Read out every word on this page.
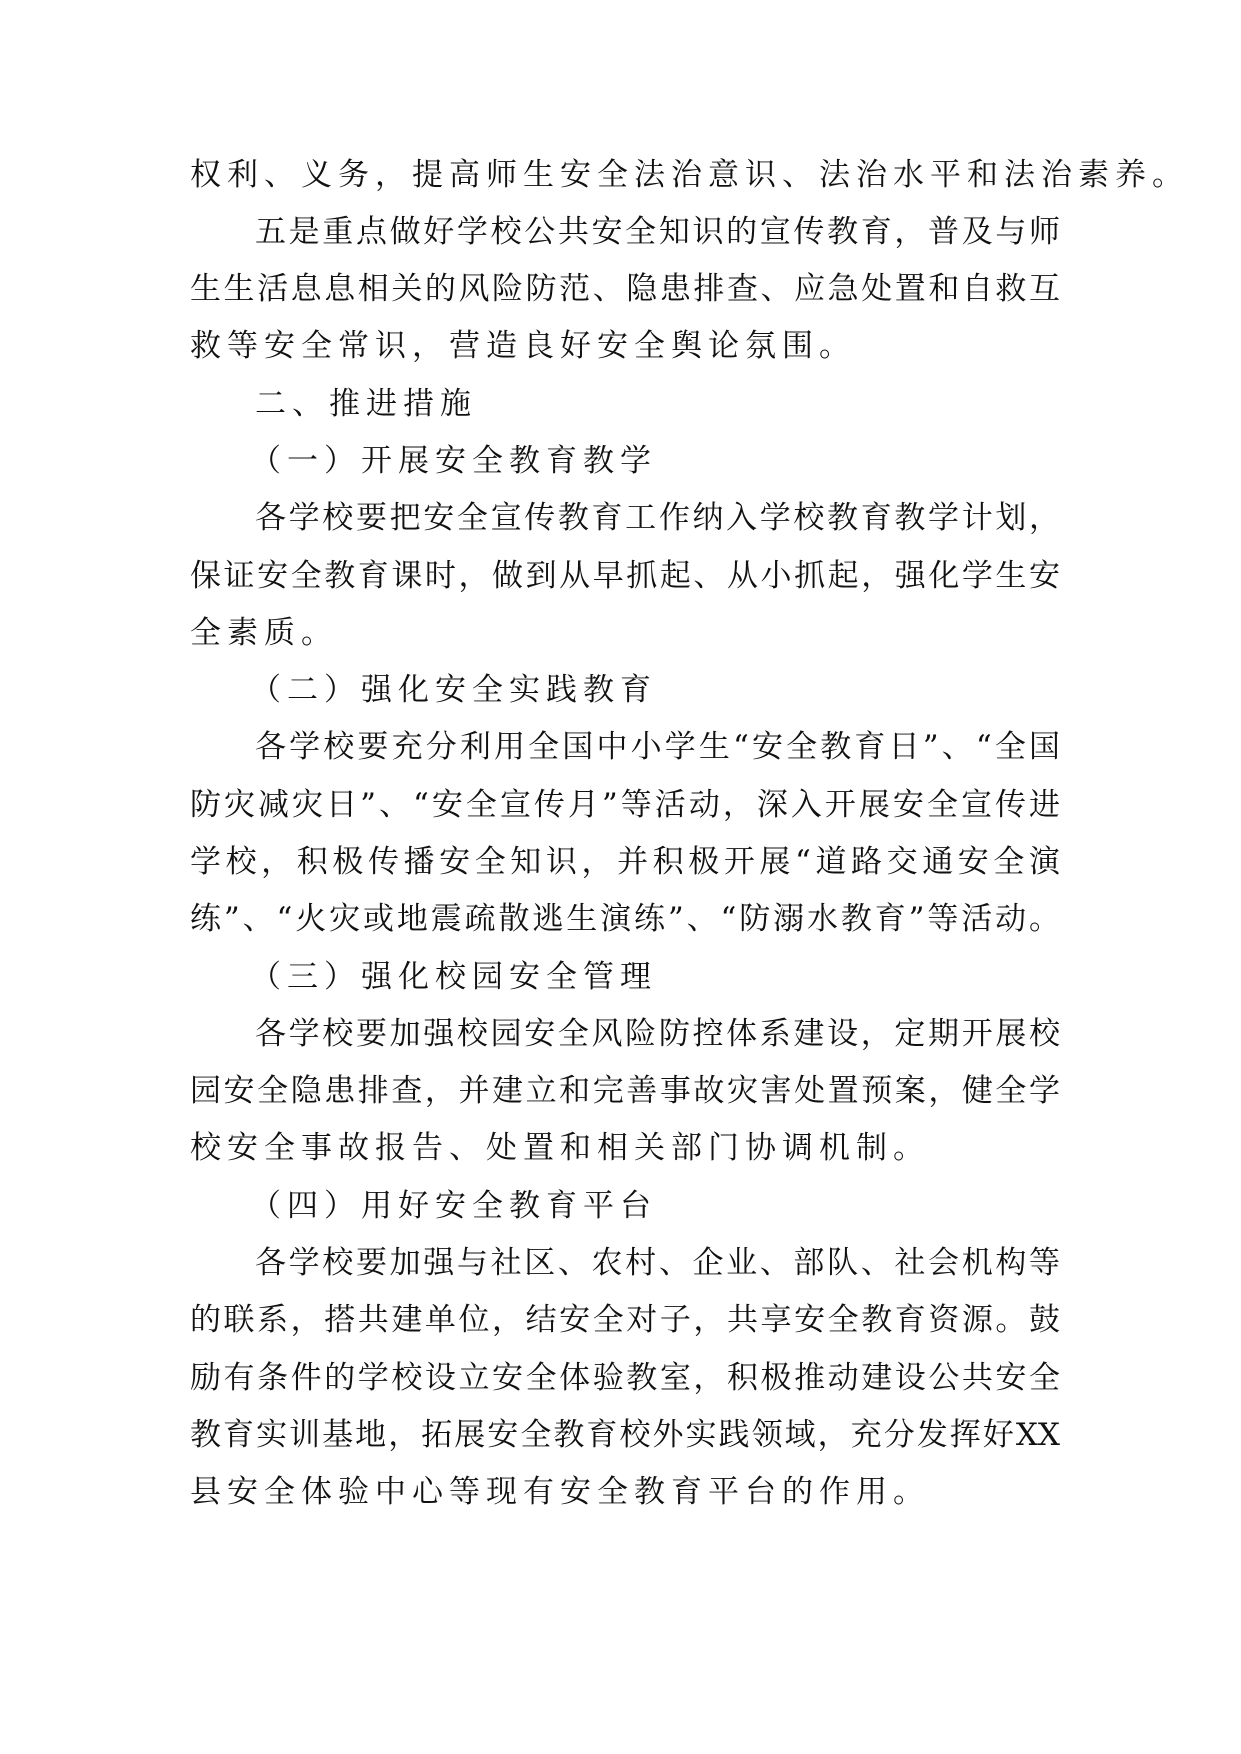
权利、义务，提高师生安全法治意识、法治水平和法治素养。
五是重点做好学校公共安全知识的宣传教育，普及与师
生生活息息相关的风险防范、隐患排查、应急处置和自救互
救等安全常识，营造良好安全舆论氛围。
二、推进措施
（一）开展安全教育教学
各学校要把安全宣传教育工作纳入学校教育教学计划，
保证安全教育课时，做到从早抓起、从小抓起，强化学生安
全素质。
（二）强化安全实践教育
各学校要充分利用全国中小学生“安全教育日”、“全国
防灾减灾日”、“安全宣传月”等活动，深入开展安全宣传进
学校，积极传播安全知识，并积极开展“道路交通安全演
练”、“火灾或地震疏散逃生演练”、“防溺水教育”等活动。
（三）强化校园安全管理
各学校要加强校园安全风险防控体系建设，定期开展校
园安全隐患排查，并建立和完善事故灾害处置预案，健全学
校安全事故报告、处置和相关部门协调机制。
（四）用好安全教育平台
各学校要加强与社区、农村、企业、部队、社会机构等
的联系，搭共建单位，结安全对子，共享安全教育资源。鼓
励有条件的学校设立安全体验教室，积极推动建设公共安全
教育实训基地，拓展安全教育校外实践领域，充分发挥好XX
县安全体验中心等现有安全教育平台的作用。
